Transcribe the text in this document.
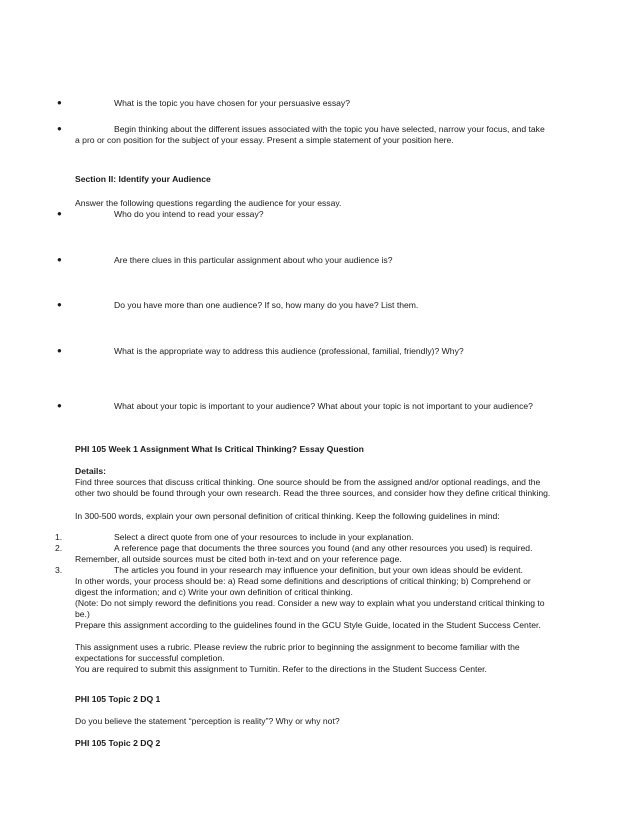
●	What is the topic you have chosen for your persuasive essay?
●	Begin thinking about the different issues associated with the topic you have selected, narrow your focus, and take a pro or con position for the subject of your essay. Present a simple statement of your position here.

Section II: Identify your Audience

Answer the following questions regarding the audience for your essay.

●	Who do you intend to read your essay?
●	Are there clues in this particular assignment about who your audience is?
●	Do you have more than one audience? If so, how many do you have? List them.
●	What is the appropriate way to address this audience (professional, familial, friendly)? Why?
●	What about your topic is important to your audience? What about your topic is not important to your audience?

PHI 105 Week 1 Assignment What Is Critical Thinking? Essay Question

Details:

Find three sources that discuss critical thinking. One source should be from the assigned and/or optional readings, and the other two should be found through your own research. Read the three sources, and consider how they define critical thinking.

In 300-500 words, explain your own personal definition of critical thinking. Keep the following guidelines in mind:

1.	Select a direct quote from one of your resources to include in your explanation.
2.	A reference page that documents the three sources you found (and any other resources you used) is required. Remember, all outside sources must be cited both in-text and on your reference page.
3.	The articles you found in your research may influence your definition, but your own ideas should be evident.

In other words, your process should be: a) Read some definitions and descriptions of critical thinking; b) Comprehend or digest the information; and c) Write your own definition of critical thinking.

(Note: Do not simply reword the definitions you read. Consider a new way to explain what you understand critical thinking to be.)

Prepare this assignment according to the guidelines found in the GCU Style Guide, located in the Student Success Center.

This assignment uses a rubric. Please review the rubric prior to beginning the assignment to become familiar with the expectations for successful completion.

You are required to submit this assignment to Turnitin. Refer to the directions in the Student Success Center.

PHI 105 Topic 2 DQ 1

Do you believe the statement “perception is reality”? Why or why not?

PHI 105 Topic 2 DQ 2
